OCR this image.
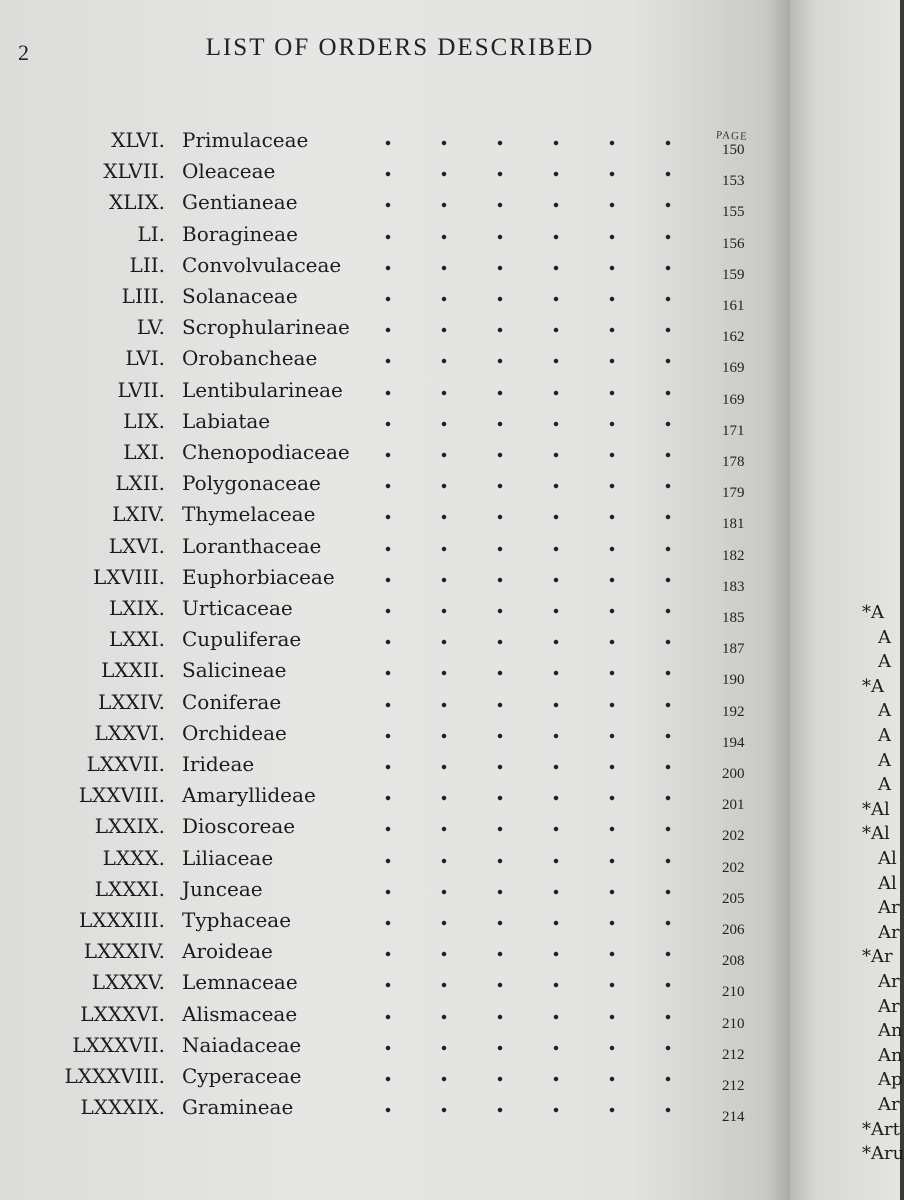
2	LIST OF ORDERS DESCRIBED
PAGE
XLVI. Primulaceae	150
XLVII. Oleaceae	153
XLIX. Gentianeae	155
LI. Boragineae	156
LII. Convolvulaceae	159
LIII. Solanaceae	161
LV. Scrophularineae	162
LVI. Orobancheae	169
LVII. Lentibularineae	169
LIX. Labiatae	171
LXI. Chenopodiaceae	178
LXII. Polygonaceae	179
LXIV. Thymelaceae	181
LXVI. Loranthaceae	182
LXVIII. Euphorbiaceae	183
LXIX. Urticaceae	185
LXXI. Cupuliferae	187
LXXII. Salicineae	190
LXXIV. Coniferae	192
LXXVI. Orchideae	194
LXXVII. Irideae	200
LXXVIII. Amaryllideae	201
LXXIX. Dioscoreae	202
LXXX. Liliaceae	202
LXXXI. Junceae	205
LXXXIII. Typhaceae	206
LXXXIV. Aroideae	208
LXXXV. Lemnaceae	210
LXXXVI. Alismaceae	210
LXXXVII. Naiadaceae	212
LXXXVIII. Cyperaceae	212
LXXXIX. Gramineae	214
*A
A
A
*A
A
A
A
A
*Al
*Al
Al
Al
Ar
Ar
*Ar
Ar
Ar
An
An
Ap
Ar
*Art
*Aru
